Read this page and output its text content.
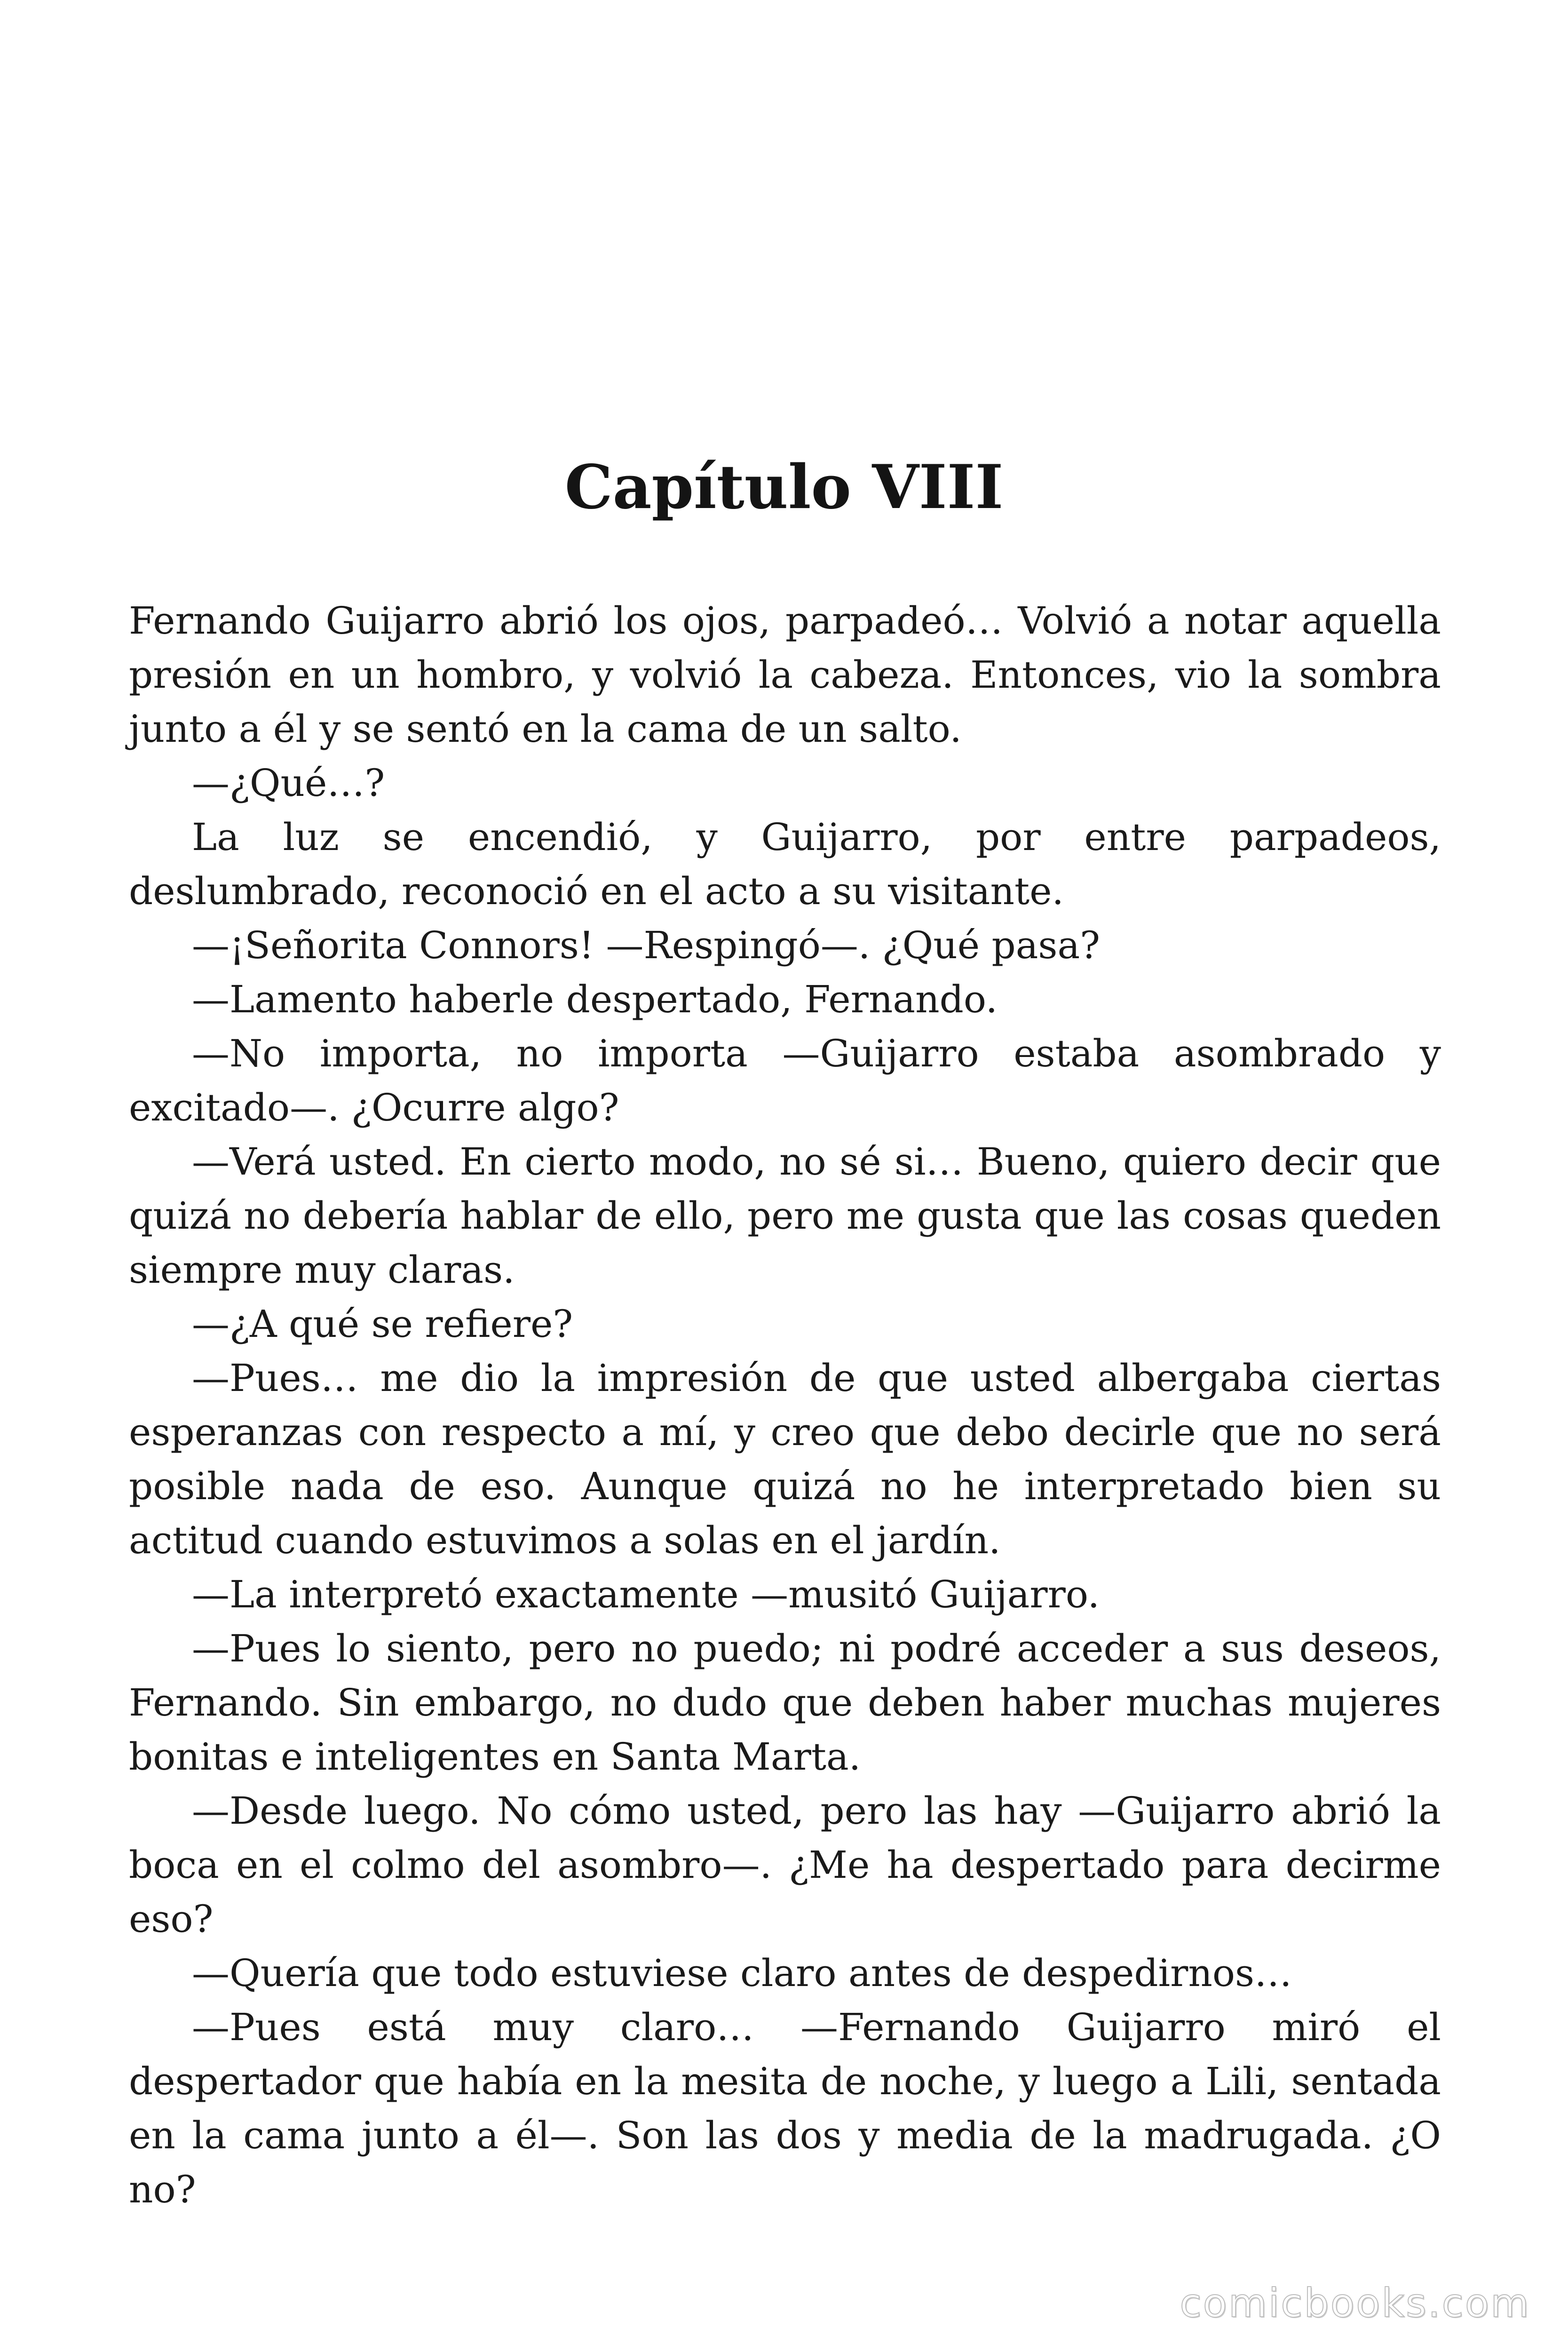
Capítulo VIII

Fernando Guijarro abrió los ojos, parpadeó… Volvió a notar aquella presión en un hombro, y volvió la cabeza. Entonces, vio la sombra junto a él y se sentó en la cama de un salto.

—¿Qué…?

La luz se encendió, y Guijarro, por entre parpadeos, deslumbrado, reconoció en el acto a su visitante.

—¡Señorita Connors! —Respingó—. ¿Qué pasa?

—Lamento haberle despertado, Fernando.

—No importa, no importa —Guijarro estaba asombrado y excitado—. ¿Ocurre algo?

—Verá usted. En cierto modo, no sé si… Bueno, quiero decir que quizá no debería hablar de ello, pero me gusta que las cosas queden siempre muy claras.

—¿A qué se refiere?

—Pues… me dio la impresión de que usted albergaba ciertas esperanzas con respecto a mí, y creo que debo decirle que no será posible nada de eso. Aunque quizá no he interpretado bien su actitud cuando estuvimos a solas en el jardín.

—La interpretó exactamente —musitó Guijarro.

—Pues lo siento, pero no puedo; ni podré acceder a sus deseos, Fernando. Sin embargo, no dudo que deben haber muchas mujeres bonitas e inteligentes en Santa Marta.

—Desde luego. No cómo usted, pero las hay —Guijarro abrió la boca en el colmo del asombro—. ¿Me ha despertado para decirme eso?

—Quería que todo estuviese claro antes de despedirnos…

—Pues está muy claro… —Fernando Guijarro miró el despertador que había en la mesita de noche, y luego a Lili, sentada en la cama junto a él—. Son las dos y media de la madrugada. ¿O no?

comicbooks.com
